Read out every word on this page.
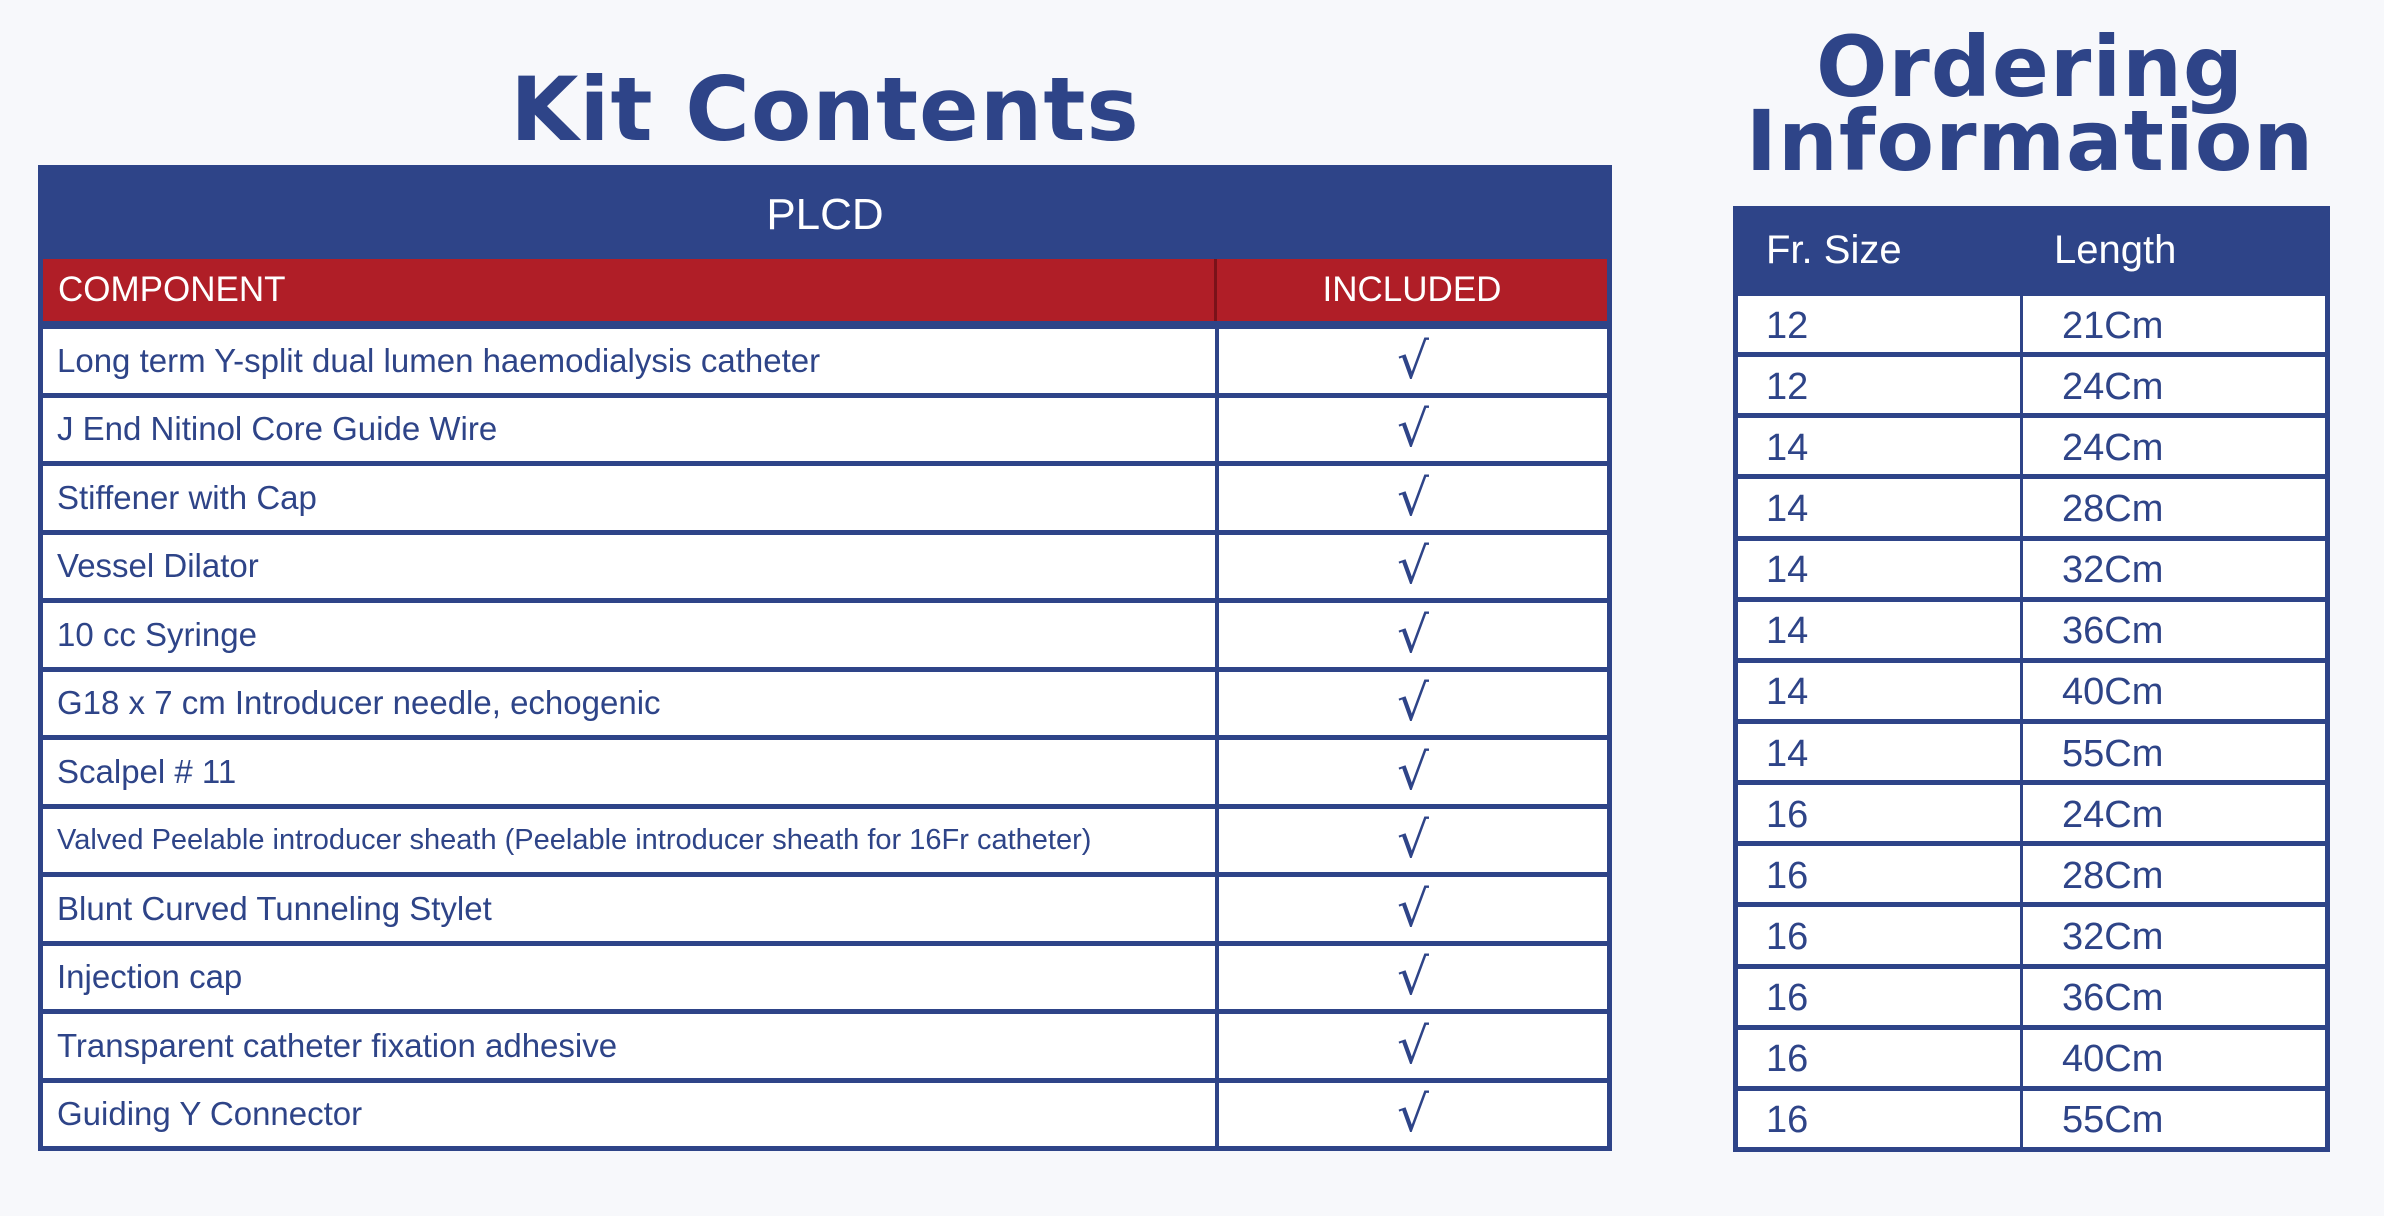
Kit Contents	Ordering
Information
PLCD
COMPONENT	INCLUDED
Long term Y-split dual lumen haemodialysis catheter	√
J End Nitinol Core Guide Wire	√
Stiffener with Cap	√
Vessel Dilator	√
10 cc Syringe	√
G18 x 7 cm Introducer needle, echogenic	√
Scalpel # 11	√
Valved Peelable introducer sheath (Peelable introducer sheath for 16Fr catheter)	√
Blunt Curved Tunneling Stylet	√
Injection cap	√
Transparent catheter fixation adhesive	√
Guiding Y Connector	√
Fr. Size	Length
12	21Cm
12	24Cm
14	24Cm
14	28Cm
14	32Cm
14	36Cm
14	40Cm
14	55Cm
16	24Cm
16	28Cm
16	32Cm
16	36Cm
16	40Cm
16	55Cm
